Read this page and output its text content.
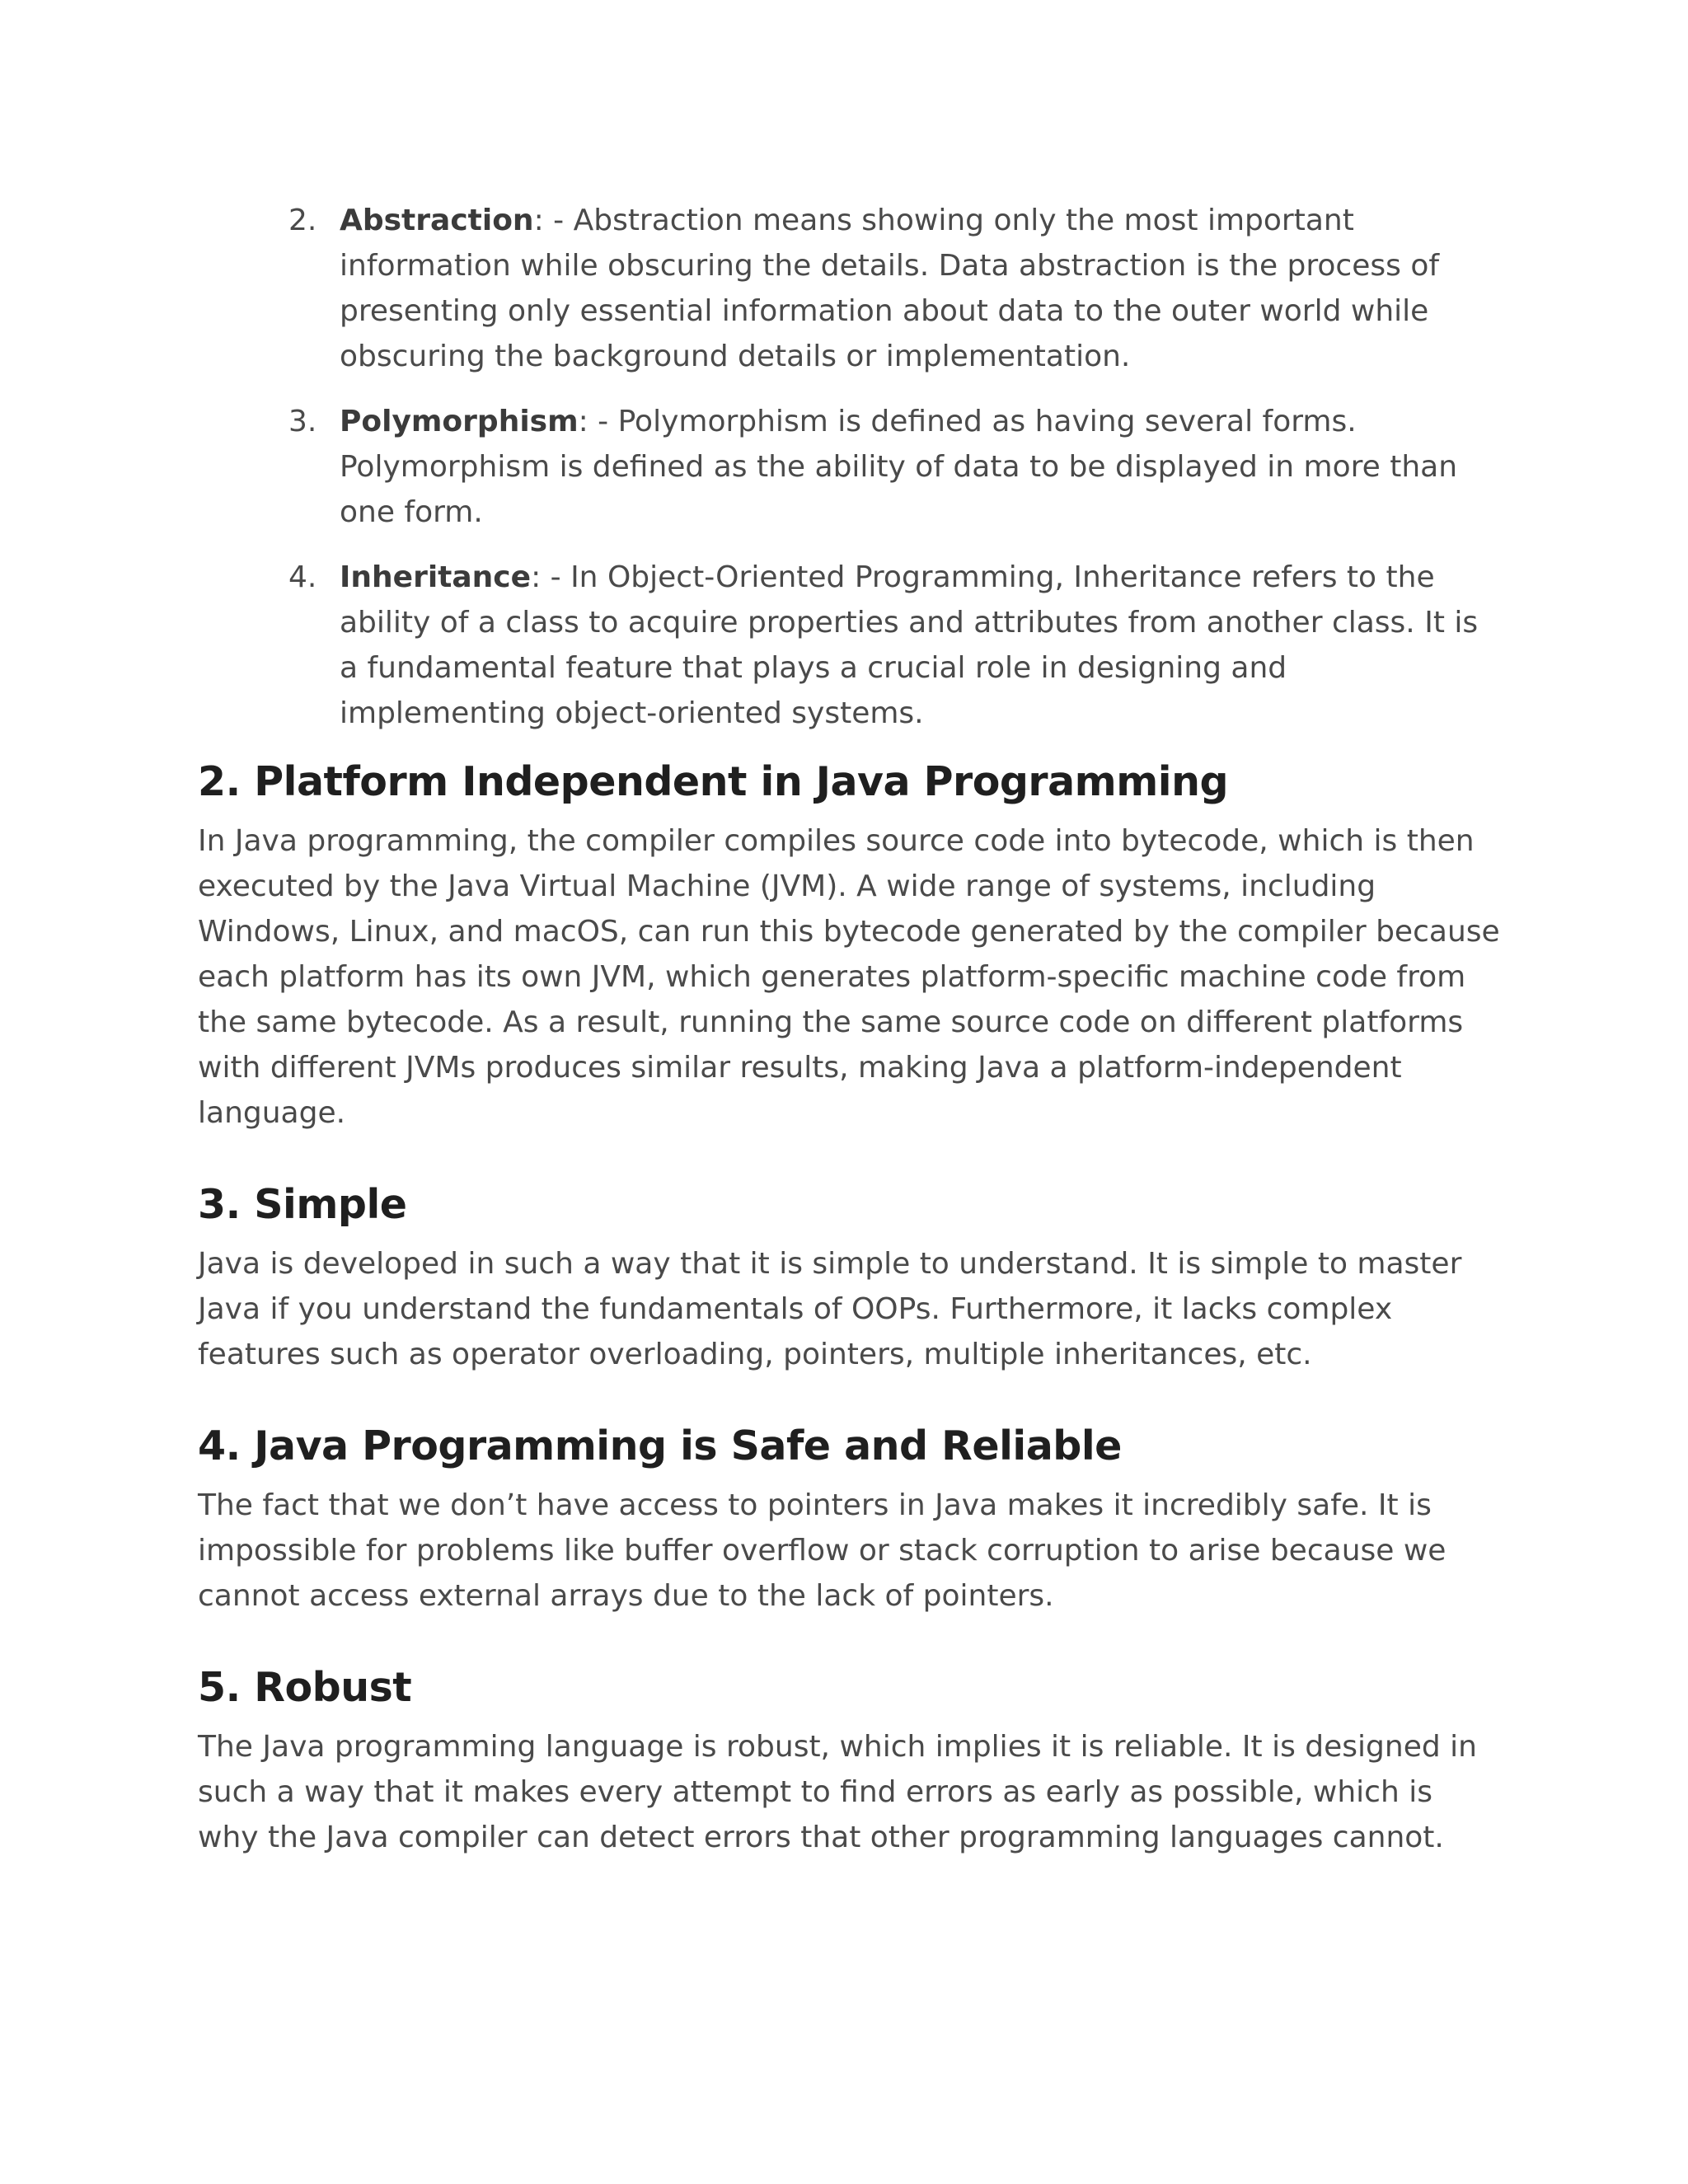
2. Abstraction: - Abstraction means showing only the most important information while obscuring the details. Data abstraction is the process of presenting only essential information about data to the outer world while obscuring the background details or implementation.
3. Polymorphism: - Polymorphism is defined as having several forms. Polymorphism is defined as the ability of data to be displayed in more than one form.
4. Inheritance: - In Object-Oriented Programming, Inheritance refers to the ability of a class to acquire properties and attributes from another class. It is a fundamental feature that plays a crucial role in designing and implementing object-oriented systems.
2. Platform Independent in Java Programming

In Java programming, the compiler compiles source code into bytecode, which is then executed by the Java Virtual Machine (JVM). A wide range of systems, including Windows, Linux, and macOS, can run this bytecode generated by the compiler because each platform has its own JVM, which generates platform-specific machine code from the same bytecode. As a result, running the same source code on different platforms with different JVMs produces similar results, making Java a platform-independent language.

3. Simple

Java is developed in such a way that it is simple to understand. It is simple to master Java if you understand the fundamentals of OOPs. Furthermore, it lacks complex features such as operator overloading, pointers, multiple inheritances, etc.

4. Java Programming is Safe and Reliable

The fact that we don’t have access to pointers in Java makes it incredibly safe. It is impossible for problems like buffer overflow or stack corruption to arise because we cannot access external arrays due to the lack of pointers.

5. Robust

The Java programming language is robust, which implies it is reliable. It is designed in such a way that it makes every attempt to find errors as early as possible, which is why the Java compiler can detect errors that other programming languages cannot.
